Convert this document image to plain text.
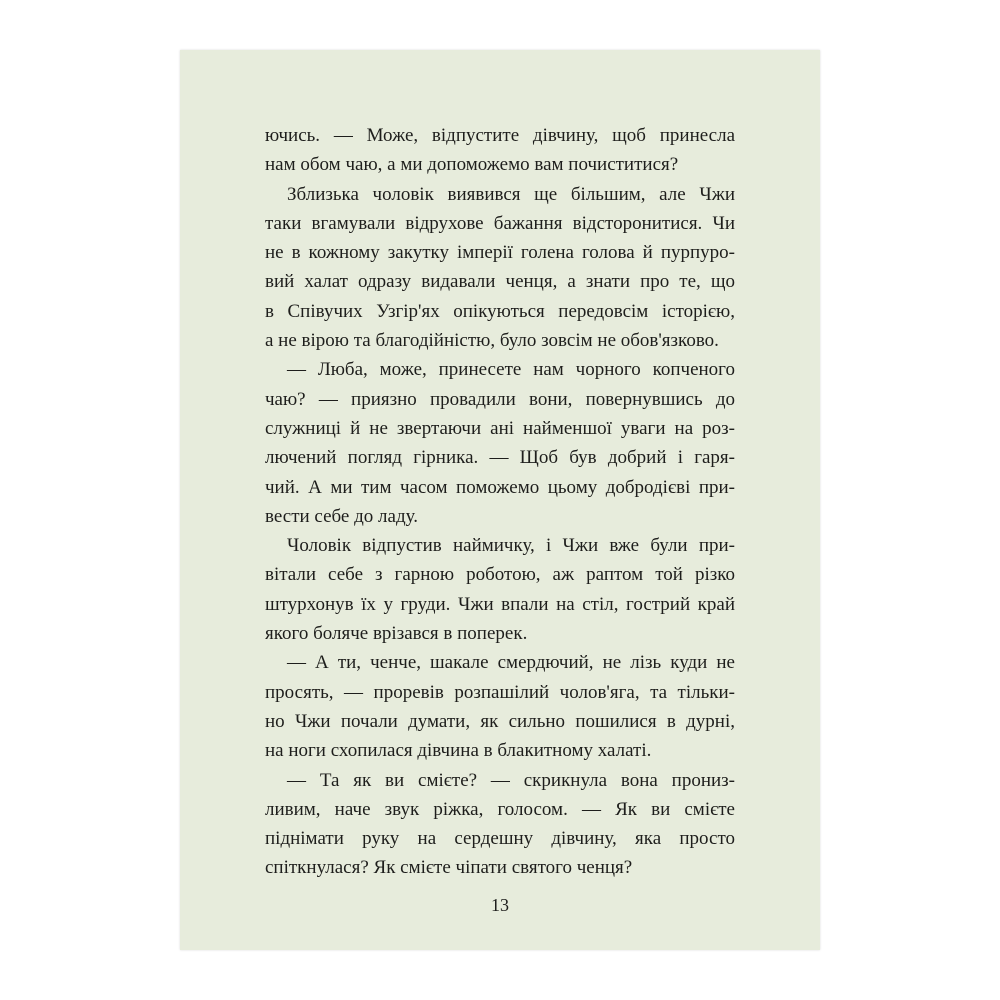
ючись. — Може, відпустите дівчину, щоб принесла
нам обом чаю, а ми допоможемо вам почиститися?
Зблизька чоловік виявився ще більшим, але Чжи
таки вгамували відрухове бажання відсторонитися. Чи
не в кожному закутку імперії голена голова й пурпуро-
вий халат одразу видавали ченця, а знати про те, що
в Співучих Узгір'ях опікуються передовсім історією,
а не вірою та благодійністю, було зовсім не обов'язково.
— Люба, може, принесете нам чорного копченого
чаю? — приязно провадили вони, повернувшись до
служниці й не звертаючи ані найменшої уваги на роз-
лючений погляд гірника. — Щоб був добрий і гаря-
чий. А ми тим часом поможемо цьому добродієві при-
вести себе до ладу.
Чоловік відпустив наймичку, і Чжи вже були при-
вітали себе з гарною роботою, аж раптом той різко
штурхонув їх у груди. Чжи впали на стіл, гострий край
якого боляче врізався в поперек.
— А ти, ченче, шакале смердючий, не лізь куди не
просять, — проревів розпашілий чолов'яга, та тільки-
но Чжи почали думати, як сильно пошилися в дурні,
на ноги схопилася дівчина в блакитному халаті.
— Та як ви смієте? — скрикнула вона прониз-
ливим, наче звук ріжка, голосом. — Як ви смієте
піднімати руку на сердешну дівчину, яка просто
спіткнулася? Як смієте чіпати святого ченця?
13
